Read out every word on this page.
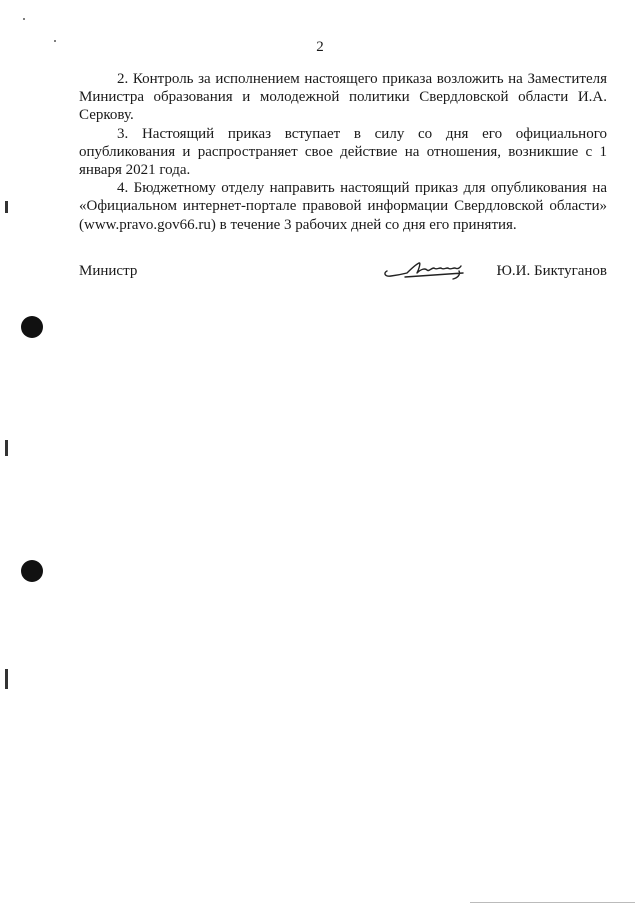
2

2. Контроль за исполнением настоящего приказа возложить на Заместителя Министра образования и молодежной политики Свердловской области И.А. Серкову.

3. Настоящий приказ вступает в силу со дня его официального опубликования и распространяет свое действие на отношения, возникшие с 1 января 2021 года.

4. Бюджетному отделу направить настоящий приказ для опубликования на «Официальном интернет-портале правовой информации Свердловской области» (www.pravo.gov66.ru) в течение 3 рабочих дней со дня его принятия.

Министр	Ю.И. Биктуганов
